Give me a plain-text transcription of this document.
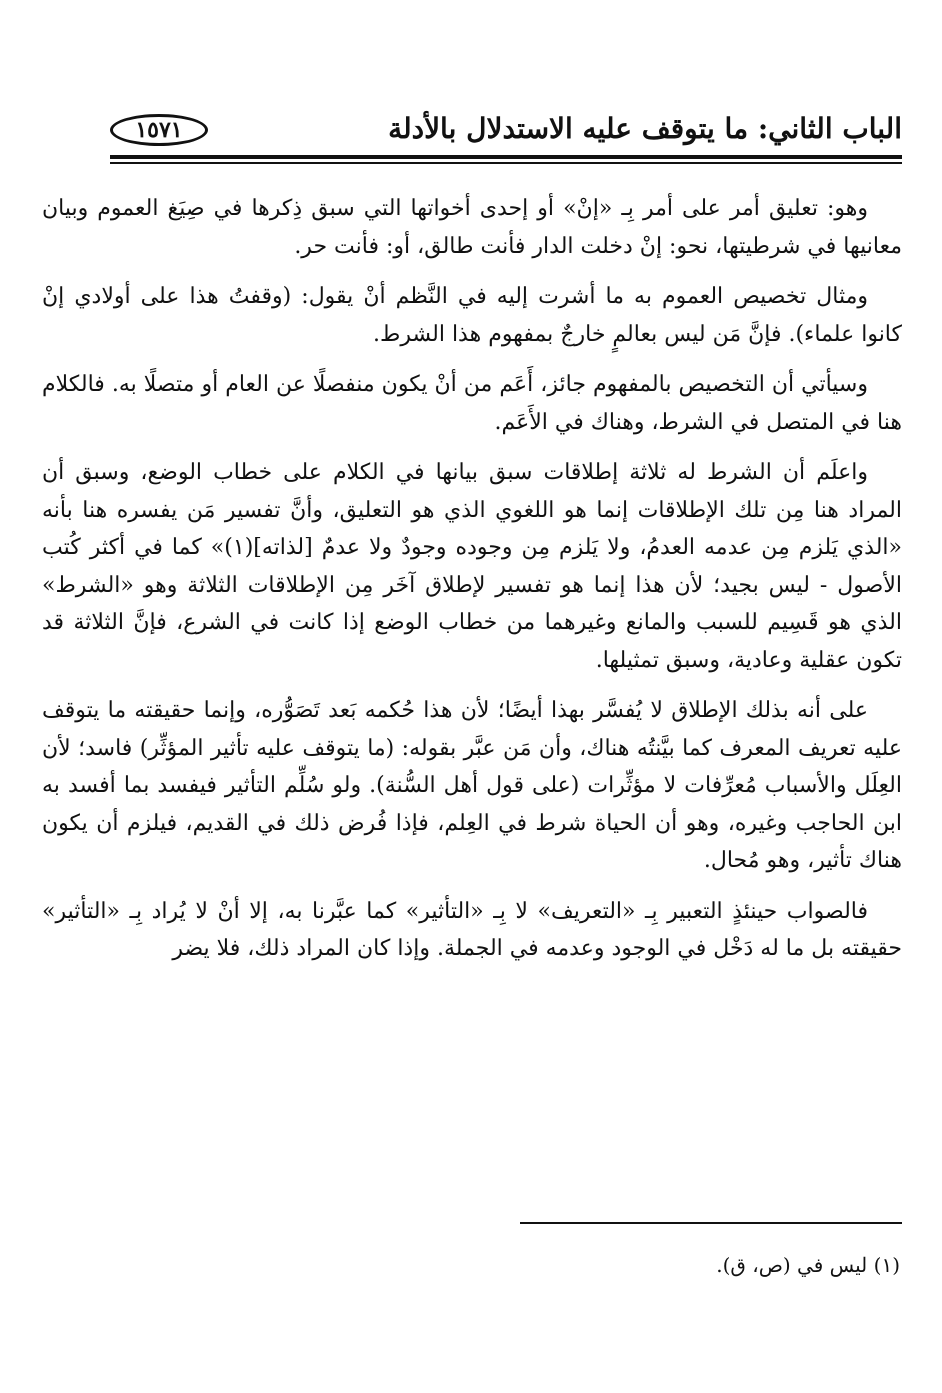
الباب الثاني: ما يتوقف عليه الاستدلال بالأدلة
١٥٧١

وهو: تعليق أمر على أمر بِـ «إنْ» أو إحدى أخواتها التي سبق ذِكرها في صِيَغ العموم وبيان معانيها في شرطيتها، نحو: إنْ دخلت الدار فأنت طالق، أو: فأنت حر.

ومثال تخصيص العموم به ما أشرت إليه في النَّظم أنْ يقول: (وقفتُ هذا على أولادي إنْ كانوا علماء). فإنَّ مَن ليس بعالمٍ خارجٌ بمفهوم هذا الشرط.

وسيأتي أن التخصيص بالمفهوم جائز، أَعَم من أنْ يكون منفصلًا عن العام أو متصلًا به. فالكلام هنا في المتصل في الشرط، وهناك في الأَعَم.

واعلَم أن الشرط له ثلاثة إطلاقات سبق بيانها في الكلام على خطاب الوضع، وسبق أن المراد هنا مِن تلك الإطلاقات إنما هو اللغوي الذي هو التعليق، وأنَّ تفسير مَن يفسره هنا بأنه «الذي يَلزم مِن عدمه العدمُ، ولا يَلزم مِن وجوده وجودٌ ولا عدمٌ [لذاته](١)» كما في أكثر كُتب الأصول - ليس بجيد؛ لأن هذا إنما هو تفسير لإطلاق آخَر مِن الإطلاقات الثلاثة وهو «الشرط» الذي هو قَسِيم للسبب والمانع وغيرهما من خطاب الوضع إذا كانت في الشرع، فإنَّ الثلاثة قد تكون عقلية وعادية، وسبق تمثيلها.

على أنه بذلك الإطلاق لا يُفسَّر بهذا أيضًا؛ لأن هذا حُكمه بَعد تَصَوُّره، وإنما حقيقته ما يتوقف عليه تعريف المعرف كما بيَّنتُه هناك، وأن مَن عبَّر بقوله: (ما يتوقف عليه تأثير المؤثِّر) فاسد؛ لأن العِلَل والأسباب مُعرِّفات لا مؤثِّرات (على قول أهل السُّنة). ولو سُلِّم التأثير فيفسد بما أفسد به ابن الحاجب وغيره، وهو أن الحياة شرط في العِلم، فإذا فُرض ذلك في القديم، فيلزم أن يكون هناك تأثير، وهو مُحال.

فالصواب حينئذٍ التعبير بِـ «التعريف» لا بِـ «التأثير» كما عبَّرنا به، إلا أنْ لا يُراد بِـ «التأثير» حقيقته بل ما له دَخْل في الوجود وعدمه في الجملة. وإذا كان المراد ذلك، فلا يضر

(١) ليس في (ص، ق).
